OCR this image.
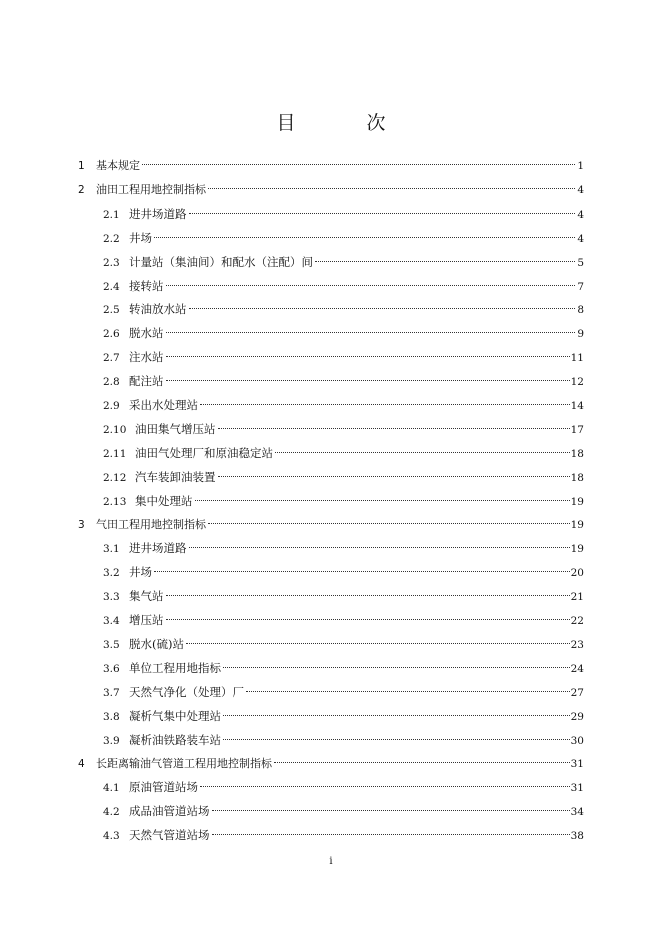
目　次
1	基本规定	1
2	油田工程用地控制指标	4
2.1 进井场道路	4
2.2 井场	4
2.3 计量站（集油间）和配水（注配）间	5
2.4 接转站	7
2.5 转油放水站	8
2.6 脱水站	9
2.7 注水站	11
2.8 配注站	12
2.9 采出水处理站	14
2.10 油田集气增压站	17
2.11 油田气处理厂和原油稳定站	18
2.12 汽车装卸油装置	18
2.13 集中处理站	19
3	气田工程用地控制指标	19
3.1 进井场道路	19
3.2 井场	20
3.3 集气站	21
3.4 增压站	22
3.5 脱水(硫)站	23
3.6 单位工程用地指标	24
3.7 天然气净化（处理）厂	27
3.8 凝析气集中处理站	29
3.9 凝析油铁路装车站	30
4	长距离输油气管道工程用地控制指标	31
4.1 原油管道站场	31
4.2 成品油管道站场	34
4.3 天然气管道站场	38
i
